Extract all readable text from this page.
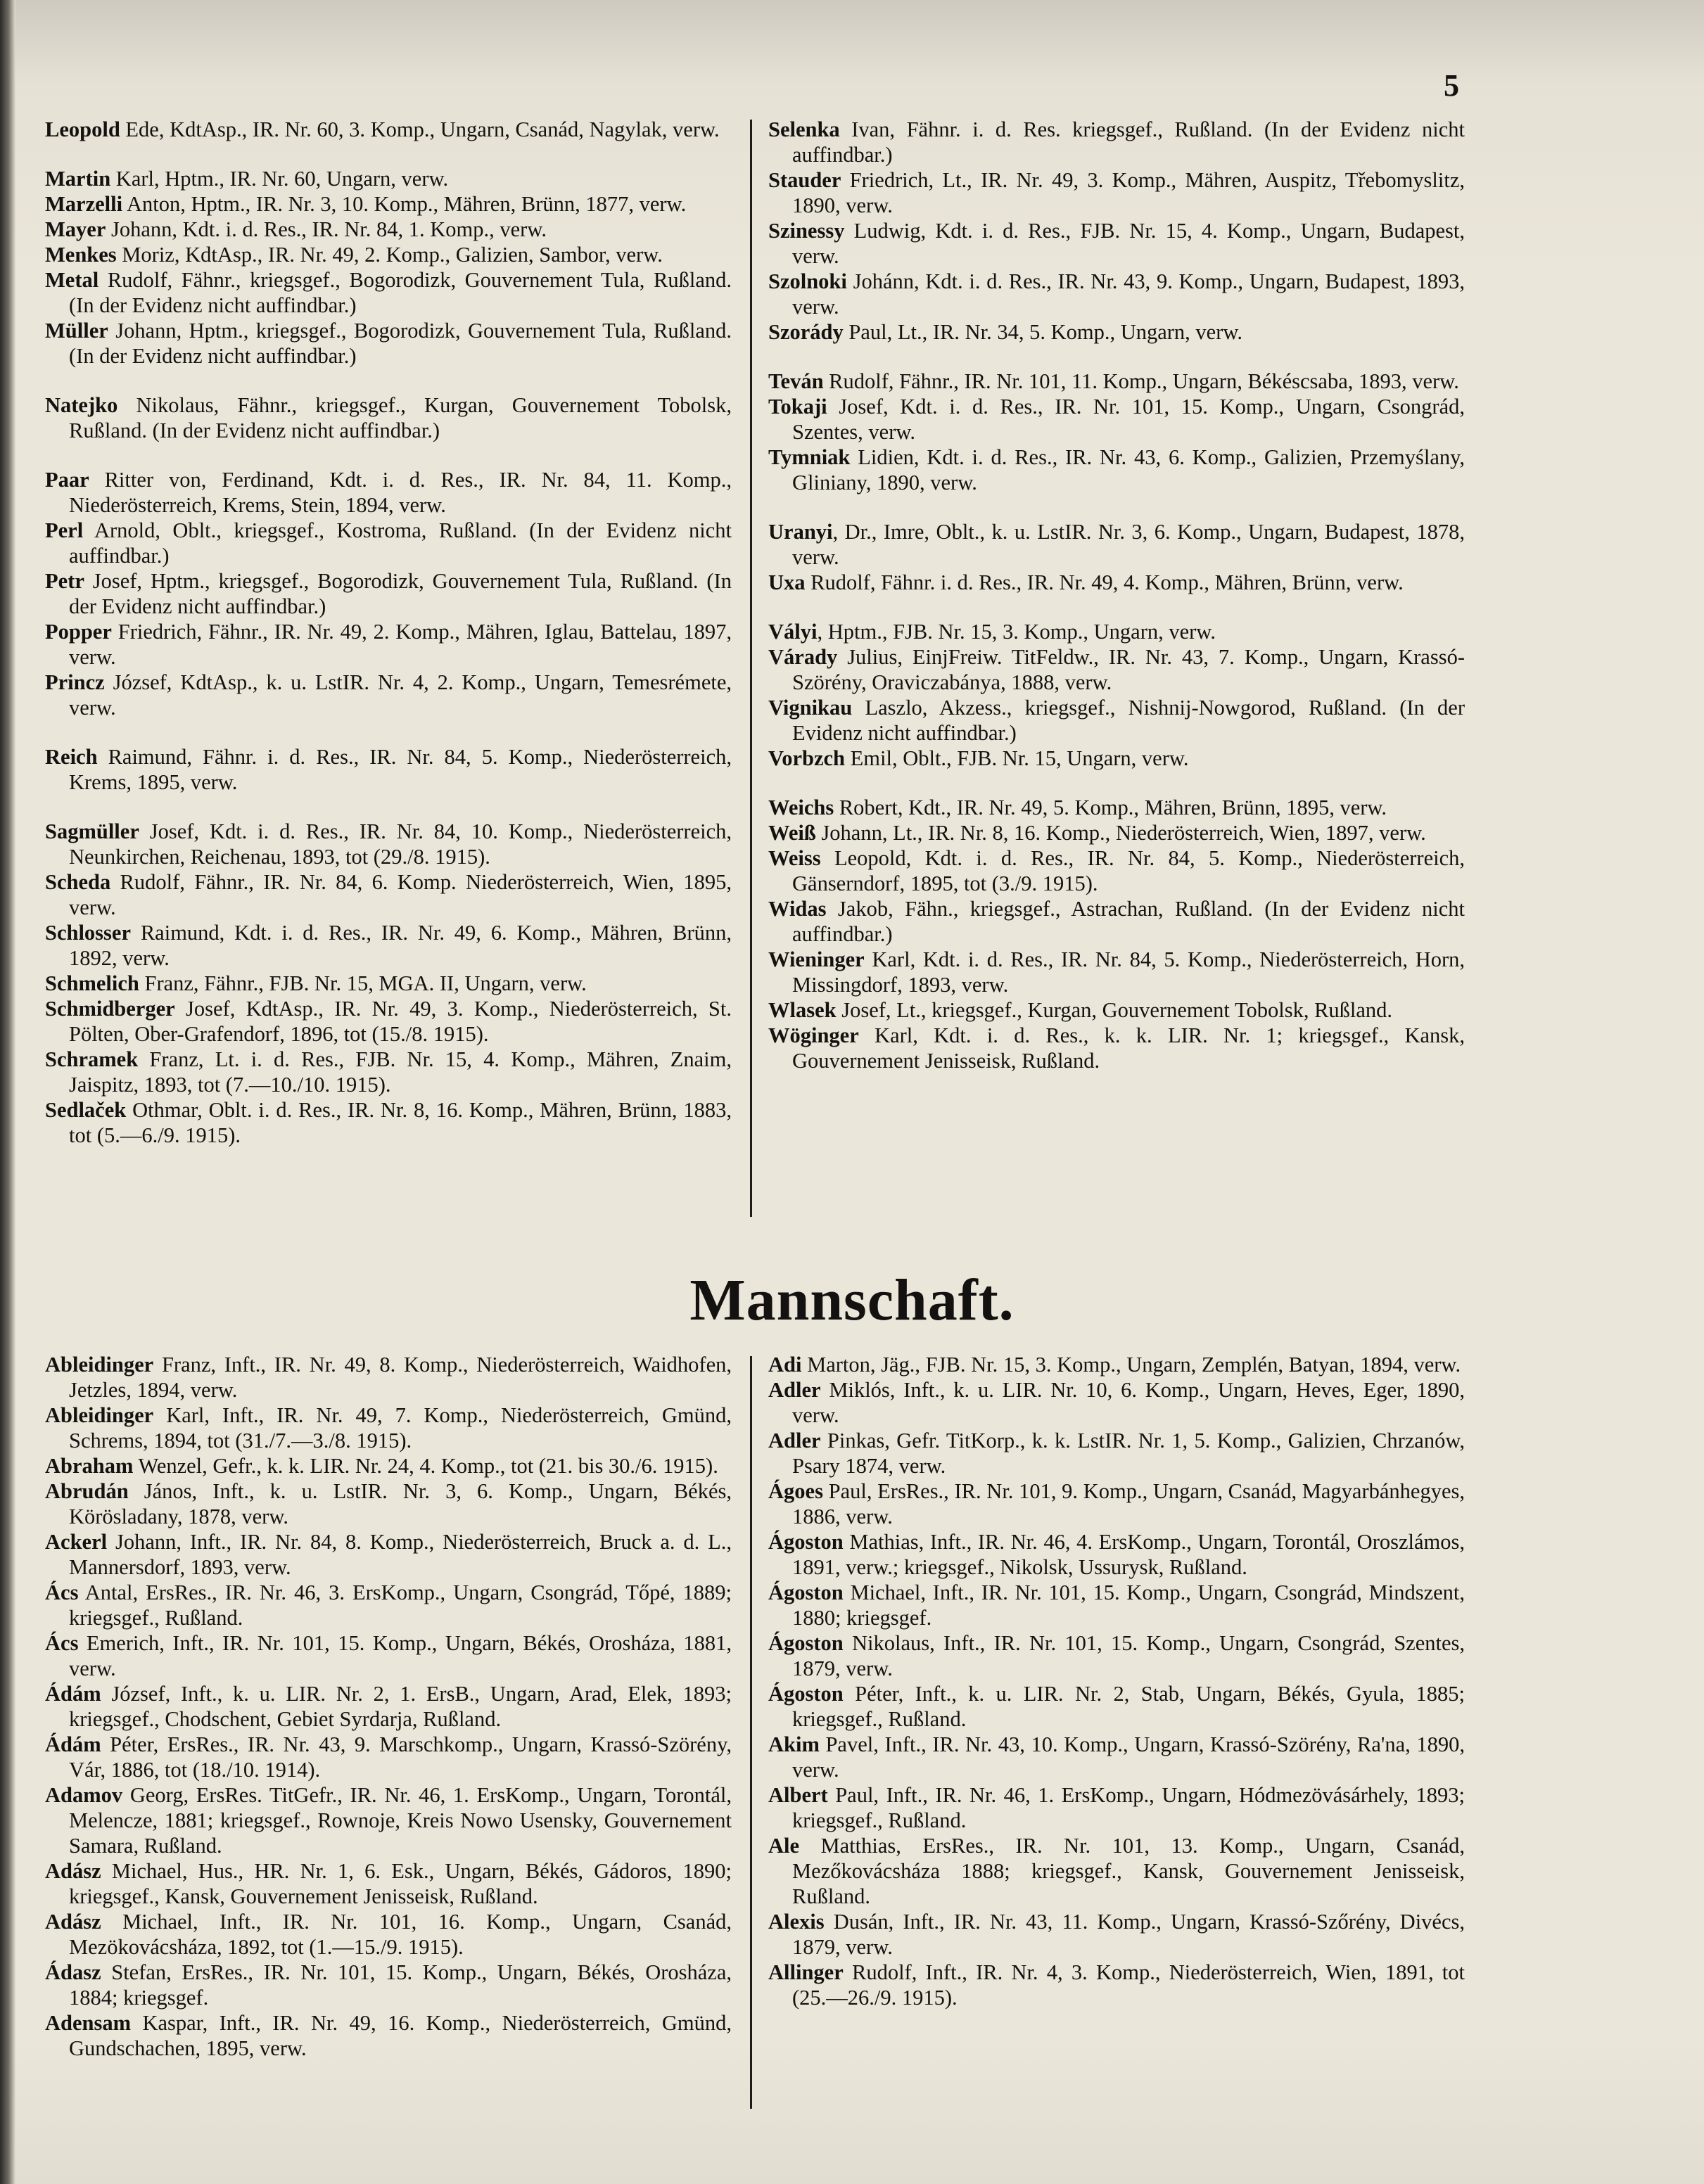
5
Leopold Ede, KdtAsp., IR. Nr. 60, 3. Komp., Ungarn, Csanád, Nagylak, verw.
Martin Karl, Hptm., IR. Nr. 60, Ungarn, verw.
Marzelli Anton, Hptm., IR. Nr. 3, 10. Komp., Mähren, Brünn, 1877, verw.
Mayer Johann, Kdt. i. d. Res., IR. Nr. 84, 1. Komp., verw.
Menkes Moriz, KdtAsp., IR. Nr. 49, 2. Komp., Galizien, Sambor, verw.
Metal Rudolf, Fähnr., kriegsgef., Bogorodizk, Gouvernement Tula, Rußland. (In der Evidenz nicht auffindbar.)
Müller Johann, Hptm., kriegsgef., Bogorodizk, Gouvernement Tula, Rußland. (In der Evidenz nicht auffindbar.)
Natejko Nikolaus, Fähnr., kriegsgef., Kurgan, Gouvernement Tobolsk, Rußland. (In der Evidenz nicht auffindbar.)
Paar Ritter von, Ferdinand, Kdt. i. d. Res., IR. Nr. 84, 11. Komp., Niederösterreich, Krems, Stein, 1894, verw.
Perl Arnold, Oblt., kriegsgef., Kostroma, Rußland. (In der Evidenz nicht auffindbar.)
Petr Josef, Hptm., kriegsgef., Bogorodizk, Gouvernement Tula, Rußland. (In der Evidenz nicht auffindbar.)
Popper Friedrich, Fähnr., IR. Nr. 49, 2. Komp., Mähren, Iglau, Battelau, 1897, verw.
Princz József, KdtAsp., k. u. LstIR. Nr. 4, 2. Komp., Ungarn, Temesrémete, verw.
Reich Raimund, Fähnr. i. d. Res., IR. Nr. 84, 5. Komp., Niederösterreich, Krems, 1895, verw.
Sagmüller Josef, Kdt. i. d. Res., IR. Nr. 84, 10. Komp., Niederösterreich, Neunkirchen, Reichenau, 1893, tot (29./8. 1915).
Scheda Rudolf, Fähnr., IR. Nr. 84, 6. Komp. Niederösterreich, Wien, 1895, verw.
Schlosser Raimund, Kdt. i. d. Res., IR. Nr. 49, 6. Komp., Mähren, Brünn, 1892, verw.
Schmelich Franz, Fähnr., FJB. Nr. 15, MGA. II, Ungarn, verw.
Schmidberger Josef, KdtAsp., IR. Nr. 49, 3. Komp., Niederösterreich, St. Pölten, Ober-Grafendorf, 1896, tot (15./8. 1915).
Schramek Franz, Lt. i. d. Res., FJB. Nr. 15, 4. Komp., Mähren, Znaim, Jaispitz, 1893, tot (7.—10./10. 1915).
Sedlaček Othmar, Oblt. i. d. Res., IR. Nr. 8, 16. Komp., Mähren, Brünn, 1883, tot (5.—6./9. 1915).
Selenka Ivan, Fähnr. i. d. Res. kriegsgef., Rußland. (In der Evidenz nicht auffindbar.)
Stauder Friedrich, Lt., IR. Nr. 49, 3. Komp., Mähren, Auspitz, Třebomyslitz, 1890, verw.
Szinessy Ludwig, Kdt. i. d. Res., FJB. Nr. 15, 4. Komp., Ungarn, Budapest, verw.
Szolnoki Johánn, Kdt. i. d. Res., IR. Nr. 43, 9. Komp., Ungarn, Budapest, 1893, verw.
Szorády Paul, Lt., IR. Nr. 34, 5. Komp., Ungarn, verw.
Teván Rudolf, Fähnr., IR. Nr. 101, 11. Komp., Ungarn, Békéscsaba, 1893, verw.
Tokaji Josef, Kdt. i. d. Res., IR. Nr. 101, 15. Komp., Ungarn, Csongrád, Szentes, verw.
Tymniak Lidien, Kdt. i. d. Res., IR. Nr. 43, 6. Komp., Galizien, Przemyślany, Gliniany, 1890, verw.
Uranyi, Dr., Imre, Oblt., k. u. LstIR. Nr. 3, 6. Komp., Ungarn, Budapest, 1878, verw.
Uxa Rudolf, Fähnr. i. d. Res., IR. Nr. 49, 4. Komp., Mähren, Brünn, verw.
Vályi, Hptm., FJB. Nr. 15, 3. Komp., Ungarn, verw.
Várady Julius, EinjFreiw. TitFeldw., IR. Nr. 43, 7. Komp., Ungarn, Krassó-Szörény, Oraviczabánya, 1888, verw.
Vignikau Laszlo, Akzess., kriegsgef., Nishnij-Nowgorod, Rußland. (In der Evidenz nicht auffindbar.)
Vorbzch Emil, Oblt., FJB. Nr. 15, Ungarn, verw.
Weichs Robert, Kdt., IR. Nr. 49, 5. Komp., Mähren, Brünn, 1895, verw.
Weiß Johann, Lt., IR. Nr. 8, 16. Komp., Niederösterreich, Wien, 1897, verw.
Weiss Leopold, Kdt. i. d. Res., IR. Nr. 84, 5. Komp., Niederösterreich, Gänserndorf, 1895, tot (3./9. 1915).
Widas Jakob, Fähn., kriegsgef., Astrachan, Rußland. (In der Evidenz nicht auffindbar.)
Wieninger Karl, Kdt. i. d. Res., IR. Nr. 84, 5. Komp., Niederösterreich, Horn, Missingdorf, 1893, verw.
Wlasek Josef, Lt., kriegsgef., Kurgan, Gouvernement Tobolsk, Rußland.
Wöginger Karl, Kdt. i. d. Res., k. k. LIR. Nr. 1; kriegsgef., Kansk, Gouvernement Jenisseisk, Rußland.
Mannschaft.
Ableidinger Franz, Inft., IR. Nr. 49, 8. Komp., Niederösterreich, Waidhofen, Jetzles, 1894, verw.
Ableidinger Karl, Inft., IR. Nr. 49, 7. Komp., Niederösterreich, Gmünd, Schrems, 1894, tot (31./7.—3./8. 1915).
Abraham Wenzel, Gefr., k. k. LIR. Nr. 24, 4. Komp., tot (21. bis 30./6. 1915).
Abrudán János, Inft., k. u. LstIR. Nr. 3, 6. Komp., Ungarn, Békés, Körösladany, 1878, verw.
Ackerl Johann, Inft., IR. Nr. 84, 8. Komp., Niederösterreich, Bruck a. d. L., Mannersdorf, 1893, verw.
Ács Antal, ErsRes., IR. Nr. 46, 3. ErsKomp., Ungarn, Csongrád, Tőpé, 1889; kriegsgef., Rußland.
Ács Emerich, Inft., IR. Nr. 101, 15. Komp., Ungarn, Békés, Orosháza, 1881, verw.
Ádám József, Inft., k. u. LIR. Nr. 2, 1. ErsB., Ungarn, Arad, Elek, 1893; kriegsgef., Chodschent, Gebiet Syrdarja, Rußland.
Ádám Péter, ErsRes., IR. Nr. 43, 9. Marschkomp., Ungarn, Krassó-Szörény, Vár, 1886, tot (18./10. 1914).
Adamov Georg, ErsRes. TitGefr., IR. Nr. 46, 1. ErsKomp., Ungarn, Torontál, Melencze, 1881; kriegsgef., Rownoje, Kreis Nowo Usensky, Gouvernement Samara, Rußland.
Adász Michael, Hus., HR. Nr. 1, 6. Esk., Ungarn, Békés, Gádoros, 1890; kriegsgef., Kansk, Gouvernement Jenisseisk, Rußland.
Adász Michael, Inft., IR. Nr. 101, 16. Komp., Ungarn, Csanád, Mezökovácsháza, 1892, tot (1.—15./9. 1915).
Ádasz Stefan, ErsRes., IR. Nr. 101, 15. Komp., Ungarn, Békés, Orosháza, 1884; kriegsgef.
Adensam Kaspar, Inft., IR. Nr. 49, 16. Komp., Niederösterreich, Gmünd, Gundschachen, 1895, verw.
Adi Marton, Jäg., FJB. Nr. 15, 3. Komp., Ungarn, Zemplén, Batyan, 1894, verw.
Adler Miklós, Inft., k. u. LIR. Nr. 10, 6. Komp., Ungarn, Heves, Eger, 1890, verw.
Adler Pinkas, Gefr. TitKorp., k. k. LstIR. Nr. 1, 5. Komp., Galizien, Chrzanów, Psary 1874, verw.
Ágoes Paul, ErsRes., IR. Nr. 101, 9. Komp., Ungarn, Csanád, Magyarbánhegyes, 1886, verw.
Ágoston Mathias, Inft., IR. Nr. 46, 4. ErsKomp., Ungarn, Torontál, Oroszlámos, 1891, verw.; kriegsgef., Nikolsk, Ussurysk, Rußland.
Ágoston Michael, Inft., IR. Nr. 101, 15. Komp., Ungarn, Csongrád, Mindszent, 1880; kriegsgef.
Ágoston Nikolaus, Inft., IR. Nr. 101, 15. Komp., Ungarn, Csongrád, Szentes, 1879, verw.
Ágoston Péter, Inft., k. u. LIR. Nr. 2, Stab, Ungarn, Békés, Gyula, 1885; kriegsgef., Rußland.
Akim Pavel, Inft., IR. Nr. 43, 10. Komp., Ungarn, Krassó-Szörény, Ra'na, 1890, verw.
Albert Paul, Inft., IR. Nr. 46, 1. ErsKomp., Ungarn, Hódmezövásárhely, 1893; kriegsgef., Rußland.
Ale Matthias, ErsRes., IR. Nr. 101, 13. Komp., Ungarn, Csanád, Mezőkovácsháza 1888; kriegsgef., Kansk, Gouvernement Jenisseisk, Rußland.
Alexis Dusán, Inft., IR. Nr. 43, 11. Komp., Ungarn, Krassó-Szőrény, Divécs, 1879, verw.
Allinger Rudolf, Inft., IR. Nr. 4, 3. Komp., Niederösterreich, Wien, 1891, tot (25.—26./9. 1915).
